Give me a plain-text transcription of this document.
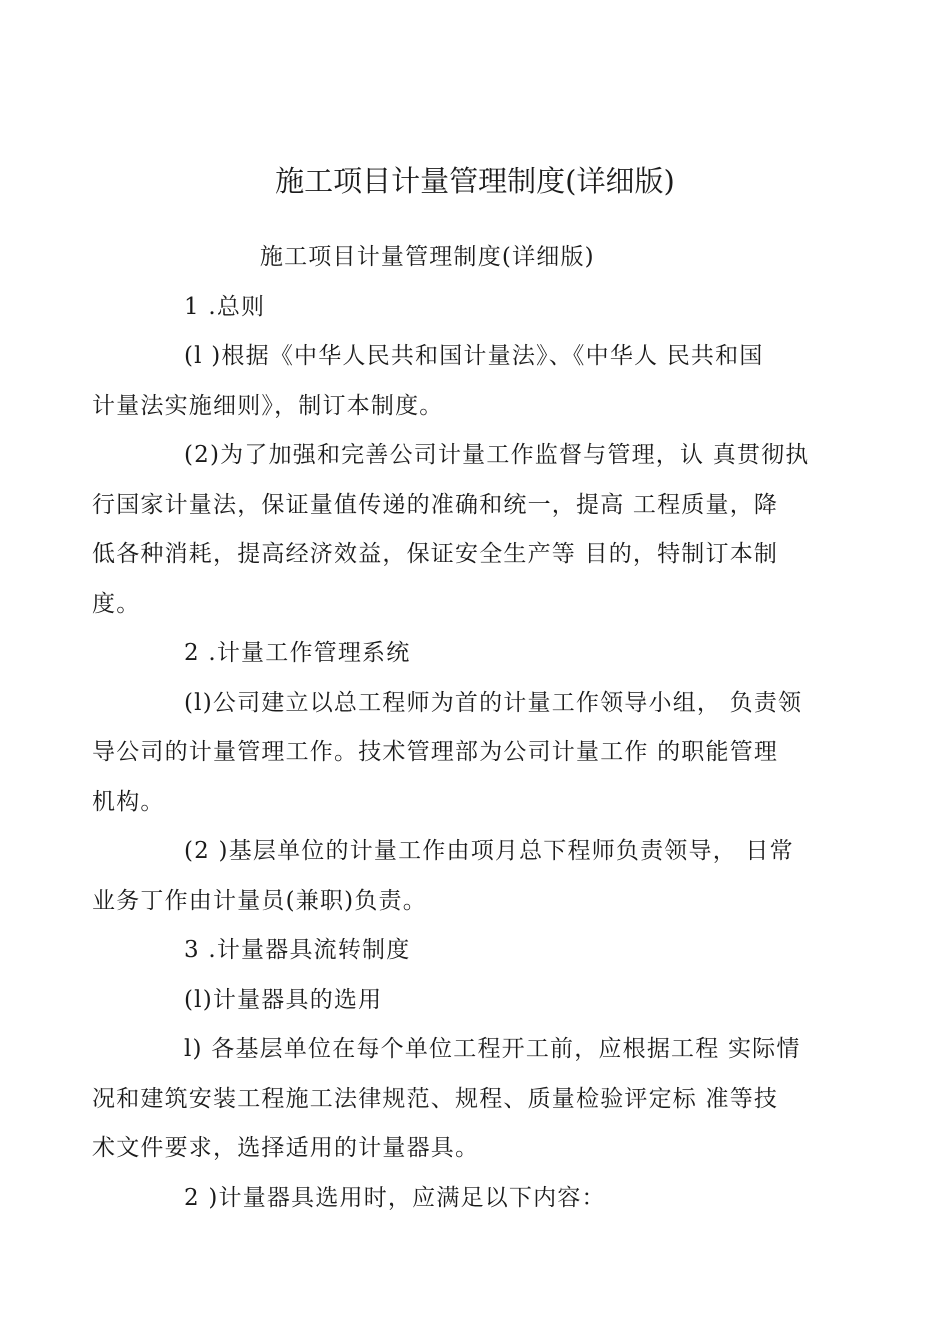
施工项目计量管理制度(详细版)

施工项目计量管理制度(详细版)

1 .总则

(l )根据《中华人民共和国计量法》、《中华人 民共和国
计量法实施细则》，制订本制度。

(2)为了加强和完善公司计量工作监督与管理，认 真贯彻执
行国家计量法，保证量值传递的准确和统一，提高 工程质量，降
低各种消耗，提高经济效益，保证安全生产等 目的，特制订本制
度。

2 .计量工作管理系统

(l)公司建立以总工程师为首的计量工作领导小组， 负责领
导公司的计量管理工作。技术管理部为公司计量工作 的职能管理
机构。

(2 )基层单位的计量工作由项月总下程师负责领导， 日常
业务丁作由计量员(兼职)负责。

3 .计量器具流转制度

(l)计量器具的选用

l) 各基层单位在每个单位工程开工前，应根据工程 实际情
况和建筑安装工程施工法律规范、规程、质量检验评定标 准等技
术文件要求，选择适用的计量器具。

2 )计量器具选用时，应满足以下内容：
